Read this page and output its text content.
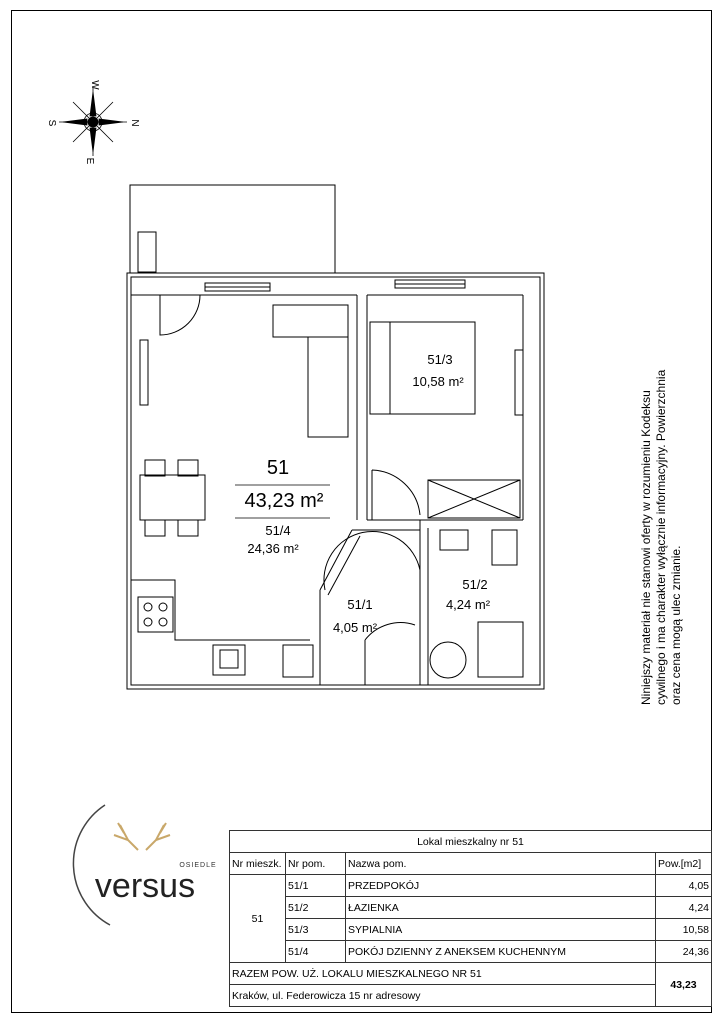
W
E
S	N
51
43,23 m²
51/4
24,36 m²
51/3
10,58 m²
51/2
4,24 m²
51/1
4,05 m²	Niniejszy materiał nie stanowi oferty w rozumieniu Kodeksu cywilnego i ma charakter wyłącznie informacyjny. Powierzchnia oraz cena mogą ulec zmianie.

OSIEDLE
versus
Lokal mieszkalny nr 51			
Nr mieszk.	Nr pom.	Nazwa pom.	Pow.[m2]
51	51/1	PRZEDPOKÓJ	4,05
	51/2	ŁAZIENKA	4,24
	51/3	SYPIALNIA	10,58
	51/4	POKÓJ DZIENNY Z ANEKSEM KUCHENNYM	24,36
RAZEM POW. UŻ. LOKALU MIESZKALNEGO NR 51			43,23
Kraków, ul. Federowicza 15 nr adresowy			
